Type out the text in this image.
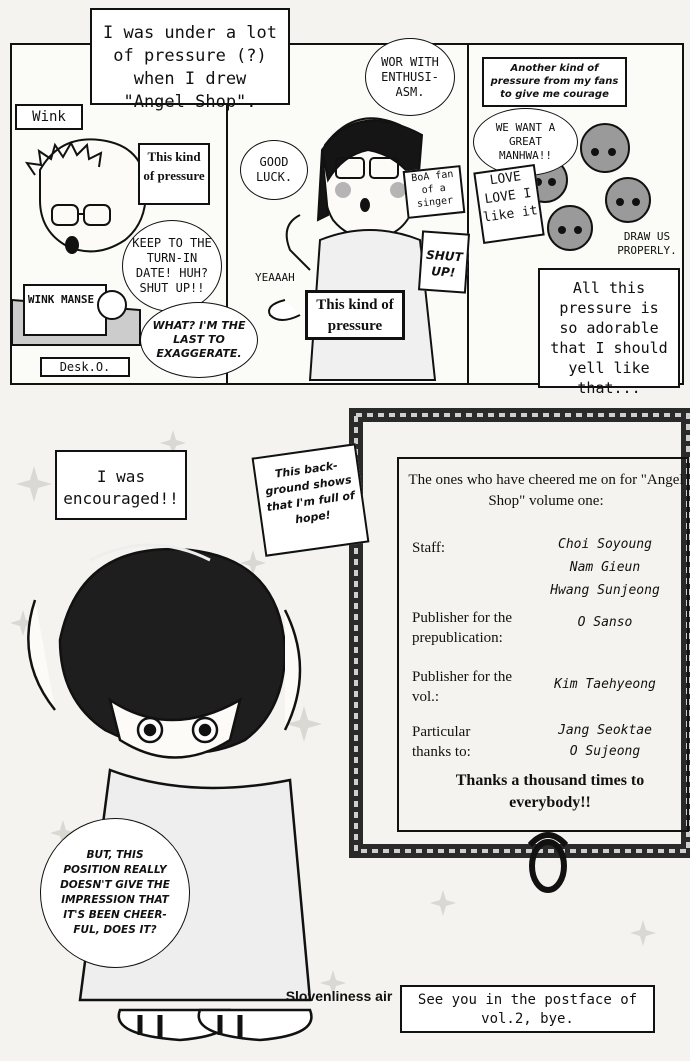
I was under a lot of pressure (?) when I drew "Angel Shop".
Wink
This kind of pressure
KEEP TO THE TURN-IN DATE! HUH? SHUT UP!!
WHAT? I'M THE LAST TO EXAGGERATE.
WINK MANSE
Desk.O.
GOOD LUCK.
WOR WITH ENTHUSI-ASM.
YEAAAH
This kind of pressure
BoA fan of a singer
SHUT UP!
Another kind of pressure from my fans to give me courage
WE WANT A GREAT MANHWA!!
LOVE LOVE I like it
DRAW US PROPERLY.
All this pressure is so adorable that I should yell like that...
I was encouraged!!
This back-ground shows that I'm full of hope!
BUT, THIS POSITION REALLY DOESN'T GIVE THE IMPRESSION THAT IT'S BEEN CHEER-FUL, DOES IT?
Slovenliness air	See you in the postface of vol.2, bye.
The ones who have cheered me on for "Angel Shop" volume one:
Staff:	Choi Soyoung
Nam Gieun
Hwang Sunjeong
Publisher for the prepublication:
O Sanso
Publisher for the vol.:
Kim Taehyeong
Particular thanks to:
Jang Seoktae
O Sujeong
Thanks a thousand times to everybody!!
